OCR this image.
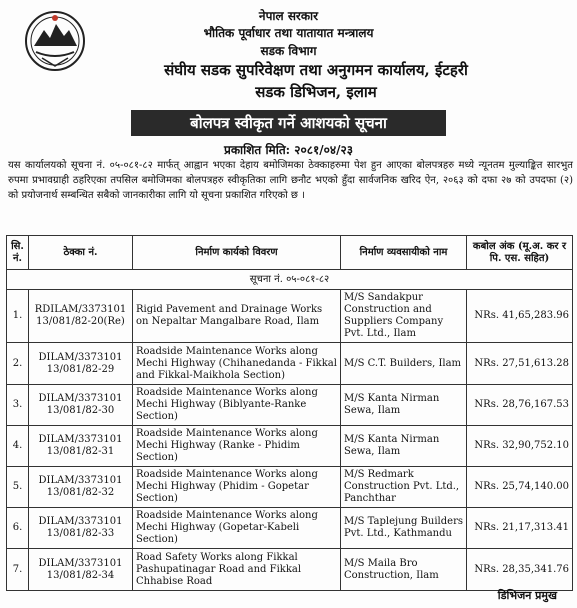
नेपाल सरकार
भौतिक पूर्वाधार तथा यातायात मन्त्रालय
सडक विभाग
संघीय सडक सुपरिवेक्षण तथा अनुगमन कार्यालय, ईटहरी
सडक डिभिजन, इलाम
बोलपत्र स्वीकृत गर्ने आशयको सूचना
प्रकाशित मिति: २०८१/०४/२३

यस कार्यालयको सूचना नं. ०५-०८१-८२ मार्फत् आह्वान भएका देहाय बमोजिमका ठेक्काहरुमा पेश हुन आएका बोलपत्रहरु मध्ये न्यूनतम मुल्याङ्कित सारभुत रुपमा प्रभावग्राही ठहरिएका तपसिल बमोजिमका बोलपत्रहरु स्वीकृतिका लागि छनौट भएको हुँदा सार्वजनिक खरिद ऐन, २०६३ को दफा २७ को उपदफा (२) को प्रयोजनार्थ सम्बन्धित सबैको जानकारीका लागि यो सूचना प्रकाशित गरिएको छ ।

सि. नं.	ठेक्का नं.	निर्माण कार्यको विवरण	निर्माण व्यवसायीको नाम	कबोल अंक (मू.अ. कर र पि. एस. सहित)
सूचना नं. ०५-०८१-८२				
1.	RDILAM/3373101 13/081/82-20(Re)	Rigid Pavement and Drainage Works on Nepaltar Mangalbare Road, Ilam	M/S Sandakpur Construction and Suppliers Company Pvt. Ltd., Ilam	NRs. 41,65,283.96
2.	DILAM/3373101 13/081/82-29	Roadside Maintenance Works along Mechi Highway (Chihanedanda - Fikkal and Fikkal-Maikhola Section)	M/S C.T. Builders, Ilam	NRs. 27,51,613.28
3.	DILAM/3373101 13/081/82-30	Roadside Maintenance Works along Mechi Highway (Biblyante-Ranke Section)	M/S Kanta Nirman Sewa, Ilam	NRs. 28,76,167.53
4.	DILAM/3373101 13/081/82-31	Roadside Maintenance Works along Mechi Highway (Ranke - Phidim Section)	M/S Kanta Nirman Sewa, Ilam	NRs. 32,90,752.10
5.	DILAM/3373101 13/081/82-32	Roadside Maintenance Works along Mechi Highway (Phidim - Gopetar Section)	M/S Redmark Construction Pvt. Ltd., Panchthar	NRs. 25,74,140.00
6.	DILAM/3373101 13/081/82-33	Roadside Maintenance Works along Mechi Highway (Gopetar-Kabeli Section)	M/S Taplejung Builders Pvt. Ltd., Kathmandu	NRs. 21,17,313.41
7.	DILAM/3373101 13/081/82-34	Road Safety Works along Fikkal Pashupatinagar Road and Fikkal Chhabise Road	M/S Maila Bro Construction, Ilam	NRs. 28,35,341.76
डिभिजन प्रमुख
